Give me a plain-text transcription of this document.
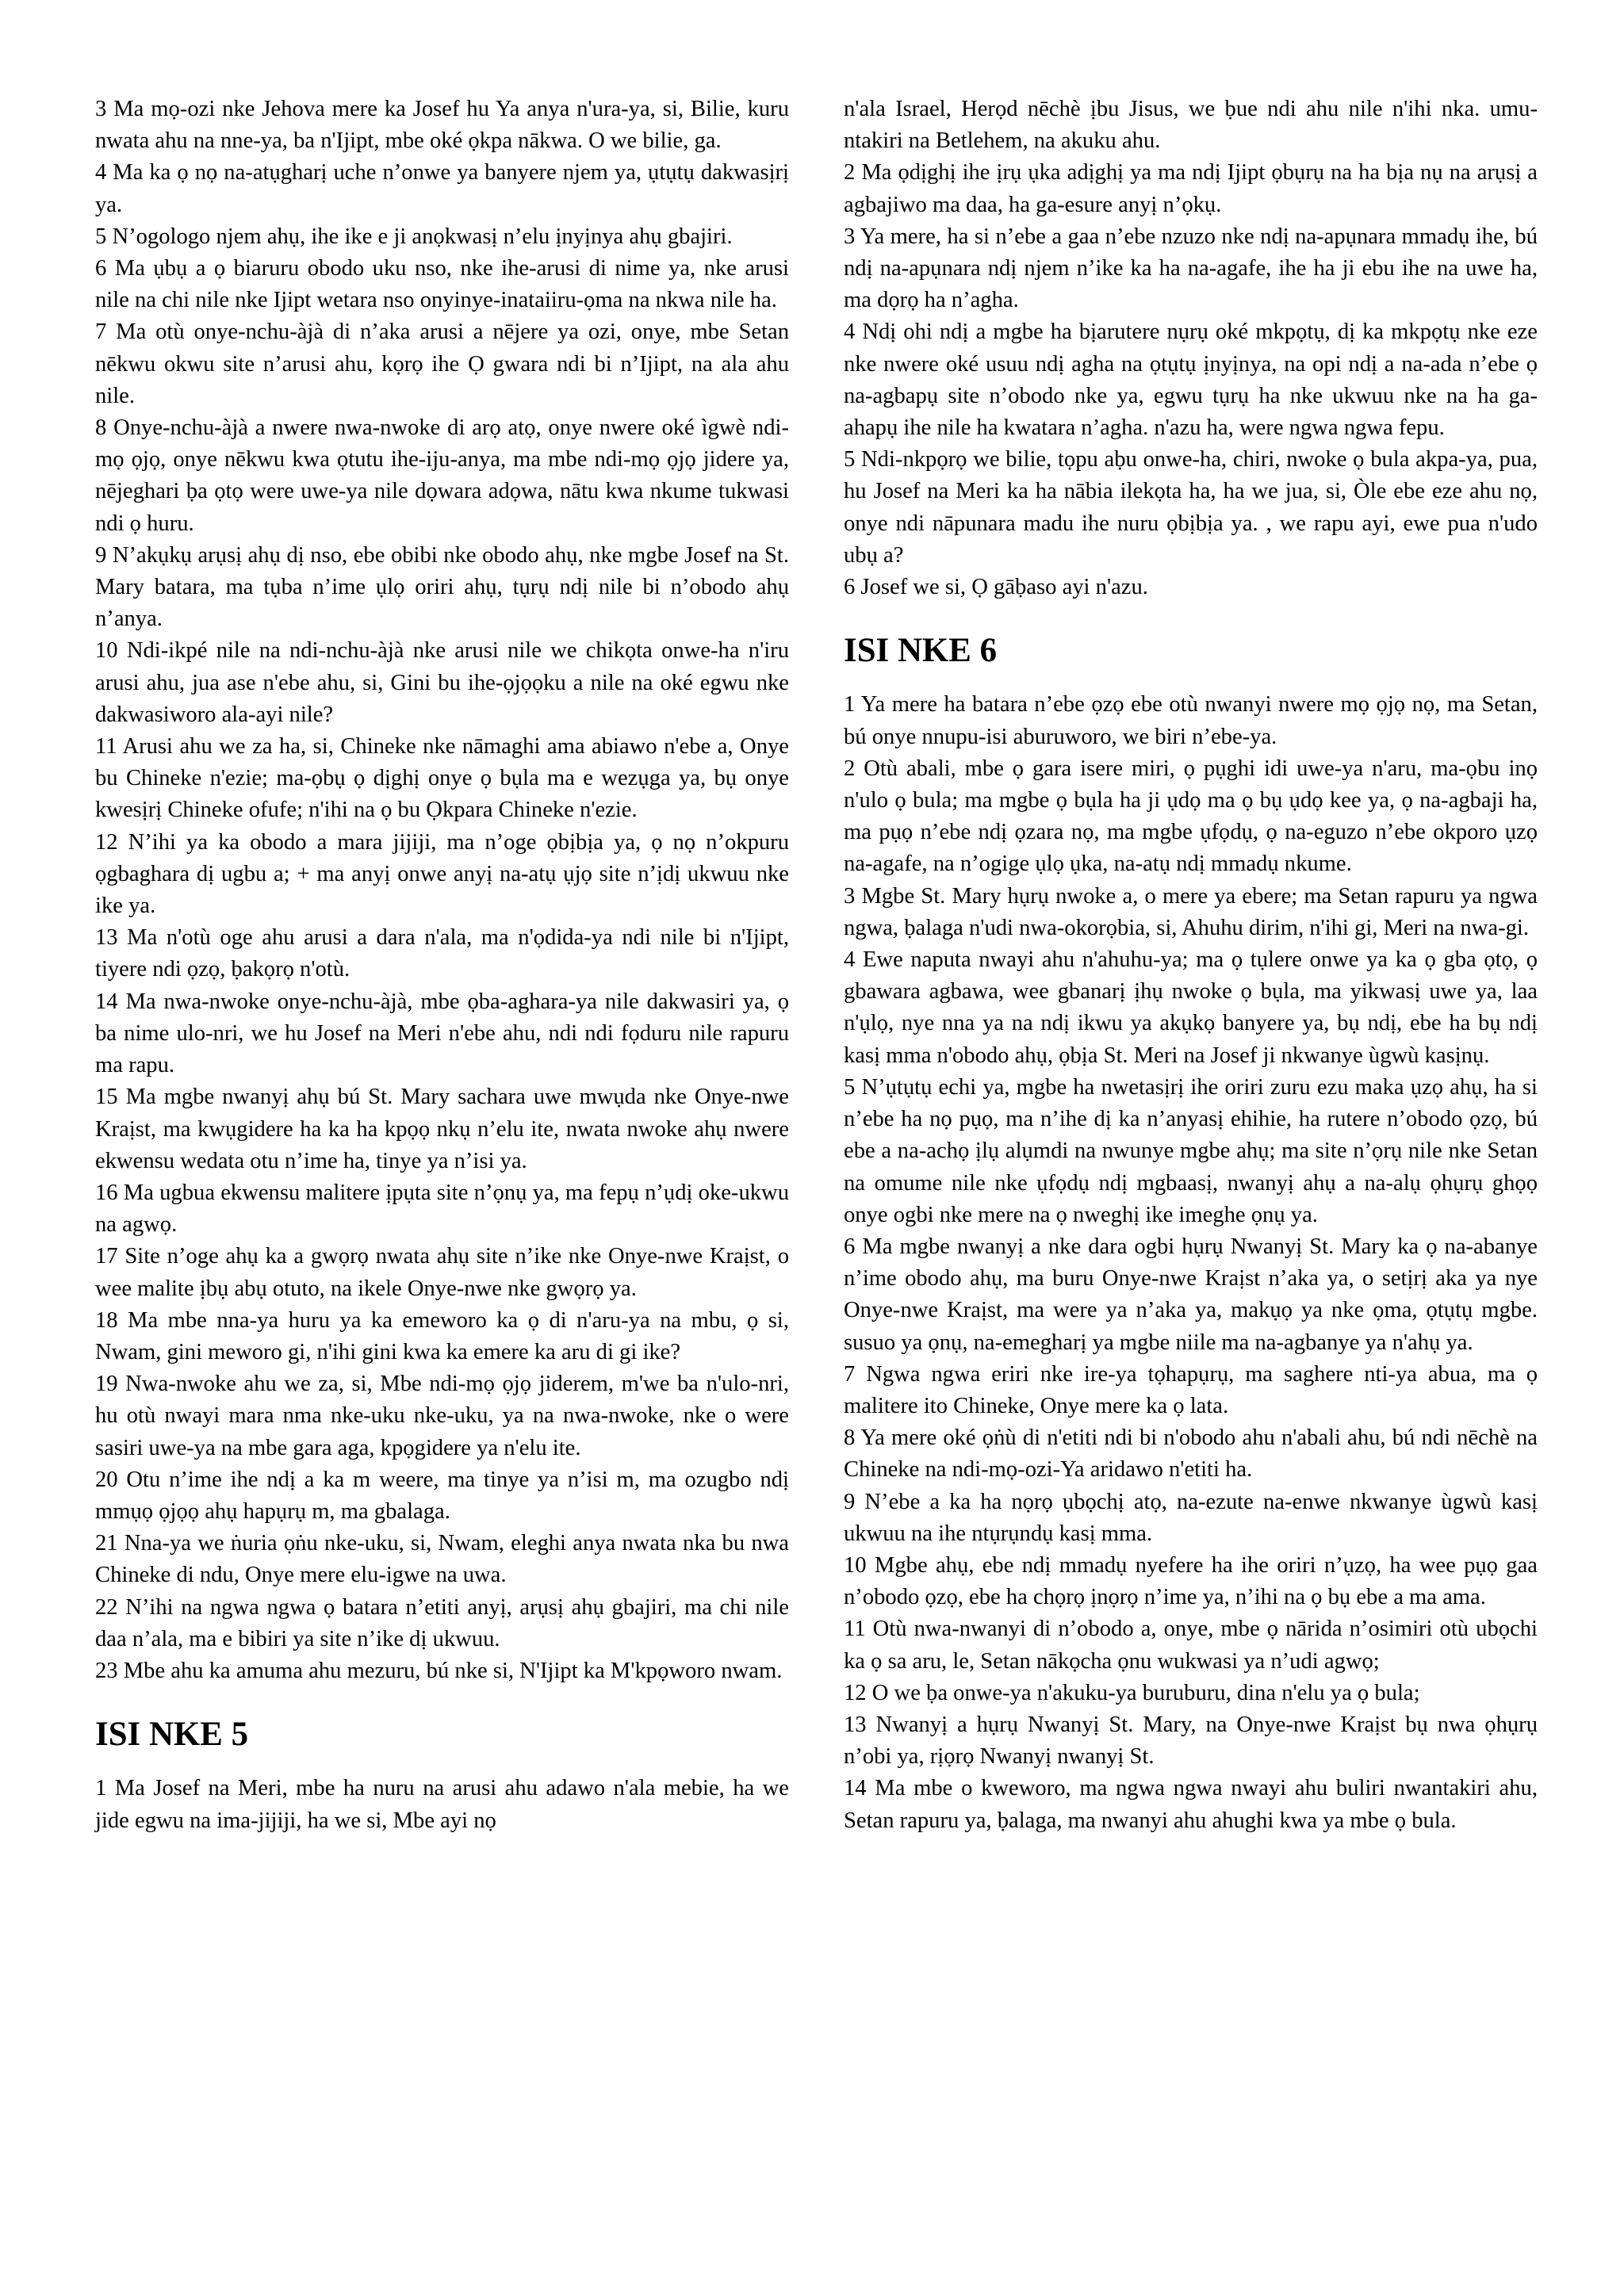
3 Ma mọ-ozi nke Jehova mere ka Josef hu Ya anya n'ura-ya, si, Bilie, kuru nwata ahu na nne-ya, ba n'Ijipt, mbe oké ọkpa nākwa. O we bilie, ga.

4 Ma ka ọ nọ na-atụgharị uche n’onwe ya banyere njem ya, ụtụtụ dakwasịrị ya.

5 N’ogologo njem ahụ, ihe ike e ji anọkwasị n’elu ịnyịnya ahụ gbajiri.

6 Ma ụbụ a ọ biaruru obodo uku nso, nke ihe-arusi di nime ya, nke arusi nile na chi nile nke Ijipt wetara nso onyinye-inataiiru-ọma na nkwa nile ha.

7 Ma otù onye-nchu-àjà di n’aka arusi a nējere ya ozi, onye, mbe Setan nēkwu okwu site n’arusi ahu, kọrọ ihe Ọ gwara ndi bi n’Ijipt, na ala ahu nile.

8 Onye-nchu-àjà a nwere nwa-nwoke di arọ atọ, onye nwere oké ìgwè ndi-mọ ọjọ, onye nēkwu kwa ọtutu ihe-iju-anya, ma mbe ndi-mọ ọjọ jidere ya, nējeghari ḅa ọtọ were uwe-ya nile dọwara adọwa, nātu kwa nkume tukwasi ndi ọ huru.

9 N’akụkụ arụsị ahụ dị nso, ebe obibi nke obodo ahụ, nke mgbe Josef na St. Mary batara, ma tụba n’ime ụlọ oriri ahụ, tụrụ ndị nile bi n’obodo ahụ n’anya.

10 Ndi-ikpé nile na ndi-nchu-àjà nke arusi nile we chikọta onwe-ha n'iru arusi ahu, jua ase n'ebe ahu, si, Gini bu ihe-ọjọọku a nile na oké egwu nke dakwasiworo ala-ayi nile?

11 Arusi ahu we za ha, si, Chineke nke nāmaghi ama abiawo n'ebe a, Onye bu Chineke n'ezie; ma-ọbụ ọ dịghị onye ọ bụla ma e wezụga ya, bụ onye kwesịrị Chineke ofufe; n'ihi na ọ bu Ọkpara Chineke n'ezie.

12 N’ihi ya ka obodo a mara jijiji, ma n’oge ọbịbịa ya, ọ nọ n’okpuru ọgbaghara dị ugbu a; + ma anyị onwe anyị na-atụ ụjọ site n’ịdị ukwuu nke ike ya.

13 Ma n'otù oge ahu arusi a dara n'ala, ma n'ọdida-ya ndi nile bi n'Ijipt, tiyere ndi ọzọ, ḅakọrọ n'otù.

14 Ma nwa-nwoke onye-nchu-àjà, mbe ọba-aghara-ya nile dakwasiri ya, ọ ba nime ulo-nri, we hu Josef na Meri n'ebe ahu, ndi ndi fọduru nile rapuru ma rapu.

15 Ma mgbe nwanyị ahụ bú St. Mary sachara uwe mwụda nke Onye-nwe Kraịst, ma kwụgidere ha ka ha kpọọ nkụ n’elu ite, nwata nwoke ahụ nwere ekwensu wedata otu n’ime ha, tinye ya n’isi ya.

16 Ma ugbua ekwensu malitere ịpụta site n’ọnụ ya, ma fepụ n’ụdị oke-ukwu na agwọ.

17 Site n’oge ahụ ka a gwọrọ nwata ahụ site n’ike nke Onye-nwe Kraịst, o wee malite ịbụ abụ otuto, na ikele Onye-nwe nke gwọrọ ya.

18 Ma mbe nna-ya huru ya ka emeworo ka ọ di n'aru-ya na mbu, ọ si, Nwam, gini meworo gi, n'ihi gini kwa ka emere ka aru di gi ike?

19 Nwa-nwoke ahu we za, si, Mbe ndi-mọ ọjọ jiderem, m'we ba n'ulo-nri, hu otù nwayi mara nma nke-uku nke-uku, ya na nwa-nwoke, nke o were sasiri uwe-ya na mbe gara aga, kpọgidere ya n'elu ite.

20 Otu n’ime ihe ndị a ka m weere, ma tinye ya n’isi m, ma ozugbo ndị mmụọ ọjọọ ahụ hapụrụ m, ma gbalaga.

21 Nna-ya we ṅuria ọṅu nke-uku, si, Nwam, eleghi anya nwata nka bu nwa Chineke di ndu, Onye mere elu-igwe na uwa.

22 N’ihi na ngwa ngwa ọ batara n’etiti anyị, arụsị ahụ gbajiri, ma chi nile daa n’ala, ma e bibiri ya site n’ike dị ukwuu.

23 Mbe ahu ka amuma ahu mezuru, bú nke si, N'Ijipt ka M'kpọworo nwam.

ISI NKE 5

1 Ma Josef na Meri, mbe ha nuru na arusi ahu adawo n'ala mebie, ha we jide egwu na ima-jijiji, ha we si, Mbe ayi nọ

n'ala Israel, Herọd nēchè ịbu Jisus, we ḅue ndi ahu nile n'ihi nka. umu-ntakiri na Betlehem, na akuku ahu.

2 Ma ọdịghị ihe ịrụ ụka adịghị ya ma ndị Ijipt ọbụrụ na ha bịa nụ na arụsị a agbajiwo ma daa, ha ga-esure anyị n’ọkụ.

3 Ya mere, ha si n’ebe a gaa n’ebe nzuzo nke ndị na-apụnara mmadụ ihe, bú ndị na-apụnara ndị njem n’ike ka ha na-agafe, ihe ha ji ebu ihe na uwe ha, ma dọrọ ha n’agha.

4 Ndị ohi ndị a mgbe ha bịarutere nụrụ oké mkpọtụ, dị ka mkpọtụ nke eze nke nwere oké usuu ndị agha na ọtụtụ ịnyịnya, na opi ndị a na-ada n’ebe ọ na-agbapụ site n’obodo nke ya, egwu tụrụ ha nke ukwuu nke na ha ga-ahapụ ihe nile ha kwatara n’agha. n'azu ha, were ngwa ngwa fepu.

5 Ndi-nkpọrọ we bilie, tọpu aḅu onwe-ha, chiri, nwoke ọ bula akpa-ya, pua, hu Josef na Meri ka ha nābia ilekọta ha, ha we jua, si, Òle ebe eze ahu nọ, onye ndi nāpunara madu ihe nuru ọbịbịa ya. , we rapu ayi, ewe pua n'udo ubụ a?

6 Josef we si, Ọ gāḅaso ayi n'azu.

ISI NKE 6

1 Ya mere ha batara n’ebe ọzọ ebe otù nwanyi nwere mọ ọjọ nọ, ma Setan, bú onye nnupu-isi aburuworo, we biri n’ebe-ya.

2 Otù abali, mbe ọ gara isere miri, ọ pụghi idi uwe-ya n'aru, ma-ọbu inọ n'ulo ọ bula; ma mgbe ọ bụla ha ji ụdọ ma ọ bụ ụdọ kee ya, ọ na-agbaji ha, ma pụọ n’ebe ndị ọzara nọ, ma mgbe ụfọdụ, ọ na-eguzo n’ebe okporo ụzọ na-agafe, na n’ogige ụlọ ụka, na-atụ ndị mmadụ nkume.

3 Mgbe St. Mary hụrụ nwoke a, o mere ya ebere; ma Setan rapuru ya ngwa ngwa, ḅalaga n'udi nwa-okorọbia, si, Ahuhu dirim, n'ihi gi, Meri na nwa-gi.

4 Ewe naputa nwayi ahu n'ahuhu-ya; ma ọ tụlere onwe ya ka ọ gba ọtọ, ọ gbawara agbawa, wee gbanarị ịhụ nwoke ọ bụla, ma yikwasị uwe ya, laa n'ụlọ, nye nna ya na ndị ikwu ya akụkọ banyere ya, bụ ndị, ebe ha bụ ndị kasị mma n'obodo ahụ, ọbịa St. Meri na Josef ji nkwanye ùgwù kasịnụ.

5 N’ụtụtụ echi ya, mgbe ha nwetasịrị ihe oriri zuru ezu maka ụzọ ahụ, ha si n’ebe ha nọ pụọ, ma n’ihe dị ka n’anyasị ehihie, ha rutere n’obodo ọzọ, bú ebe a na-achọ ịlụ alụmdi na nwunye mgbe ahụ; ma site n’ọrụ nile nke Setan na omume nile nke ụfọdụ ndị mgbaasị, nwanyị ahụ a na-alụ ọhụrụ ghọọ onye ogbi nke mere na ọ nweghị ike imeghe ọnụ ya.

6 Ma mgbe nwanyị a nke dara ogbi hụrụ Nwanyị St. Mary ka ọ na-abanye n’ime obodo ahụ, ma buru Onye-nwe Kraịst n’aka ya, o setịrị aka ya nye Onye-nwe Kraịst, ma were ya n’aka ya, makụọ ya nke ọma, ọtụtụ mgbe. susuo ya ọnụ, na-emegharị ya mgbe niile ma na-agbanye ya n'ahụ ya.

7 Ngwa ngwa eriri nke ire-ya tọhapụrụ, ma saghere nti-ya abua, ma ọ malitere ito Chineke, Onye mere ka ọ lata.

8 Ya mere oké ọṅù di n'etiti ndi bi n'obodo ahu n'abali ahu, bú ndi nēchè na Chineke na ndi-mọ-ozi-Ya aridawo n'etiti ha.

9 N’ebe a ka ha nọrọ ụbọchị atọ, na-ezute na-enwe nkwanye ùgwù kasị ukwuu na ihe ntụrụndụ kasị mma.

10 Mgbe ahụ, ebe ndị mmadụ nyefere ha ihe oriri n’ụzọ, ha wee pụọ gaa n’obodo ọzọ, ebe ha chọrọ ịnọrọ n’ime ya, n’ihi na ọ bụ ebe a ma ama.

11 Otù nwa-nwanyi di n’obodo a, onye, mbe ọ nārida n’osimiri otù ubọchi ka ọ sa aru, le, Setan nākọcha ọnu wukwasi ya n’udi agwọ;

12 O we ḅa onwe-ya n'akuku-ya buruburu, dina n'elu ya ọ bula;

13 Nwanyị a hụrụ Nwanyị St. Mary, na Onye-nwe Kraịst bụ nwa ọhụrụ n’obi ya, rịọrọ Nwanyị nwanyị St.

14 Ma mbe o kweworo, ma ngwa ngwa nwayi ahu buliri nwantakiri ahu, Setan rapuru ya, ḅalaga, ma nwanyi ahu ahughi kwa ya mbe ọ bula.
